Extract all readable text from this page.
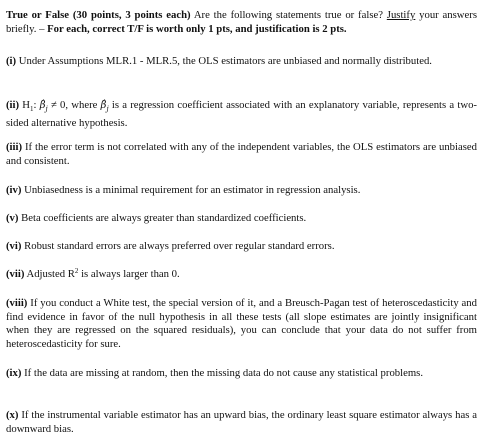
True or False (30 points, 3 points each) Are the following statements true or false? Justify your answers briefly. – For each, correct T/F is worth only 1 pts, and justification is 2 pts.

(i) Under Assumptions MLR.1 - MLR.5, the OLS estimators are unbiased and normally distributed.

(ii) $H_1$: $\betâ_j \ne 0$, where $\betâ_j$ is a regression coefficient associated with an explanatory variable, represents a two-sided alternative hypothesis.

(iii) If the error term is not correlated with any of the independent variables, the OLS estimators are unbiased and consistent.

(iv) Unbiasedness is a minimal requirement for an estimator in regression analysis.

(v) Beta coefficients are always greater than standardized coefficients.

(vi) Robust standard errors are always preferred over regular standard errors.

(vii) Adjusted $R^2$ is always larger than 0.

(viii) If you conduct a White test, the special version of it, and a Breusch-Pagan test of heteroscedasticity and find evidence in favor of the null hypothesis in all these tests (all slope estimates are jointly insignificant when they are regressed on the squared residuals), you can conclude that your data do not suffer from heteroscedasticity for sure.

(ix) If the data are missing at random, then the missing data do not cause any statistical problems.

(x) If the instrumental variable estimator has an upward bias, the ordinary least square estimator always has a downward bias.
